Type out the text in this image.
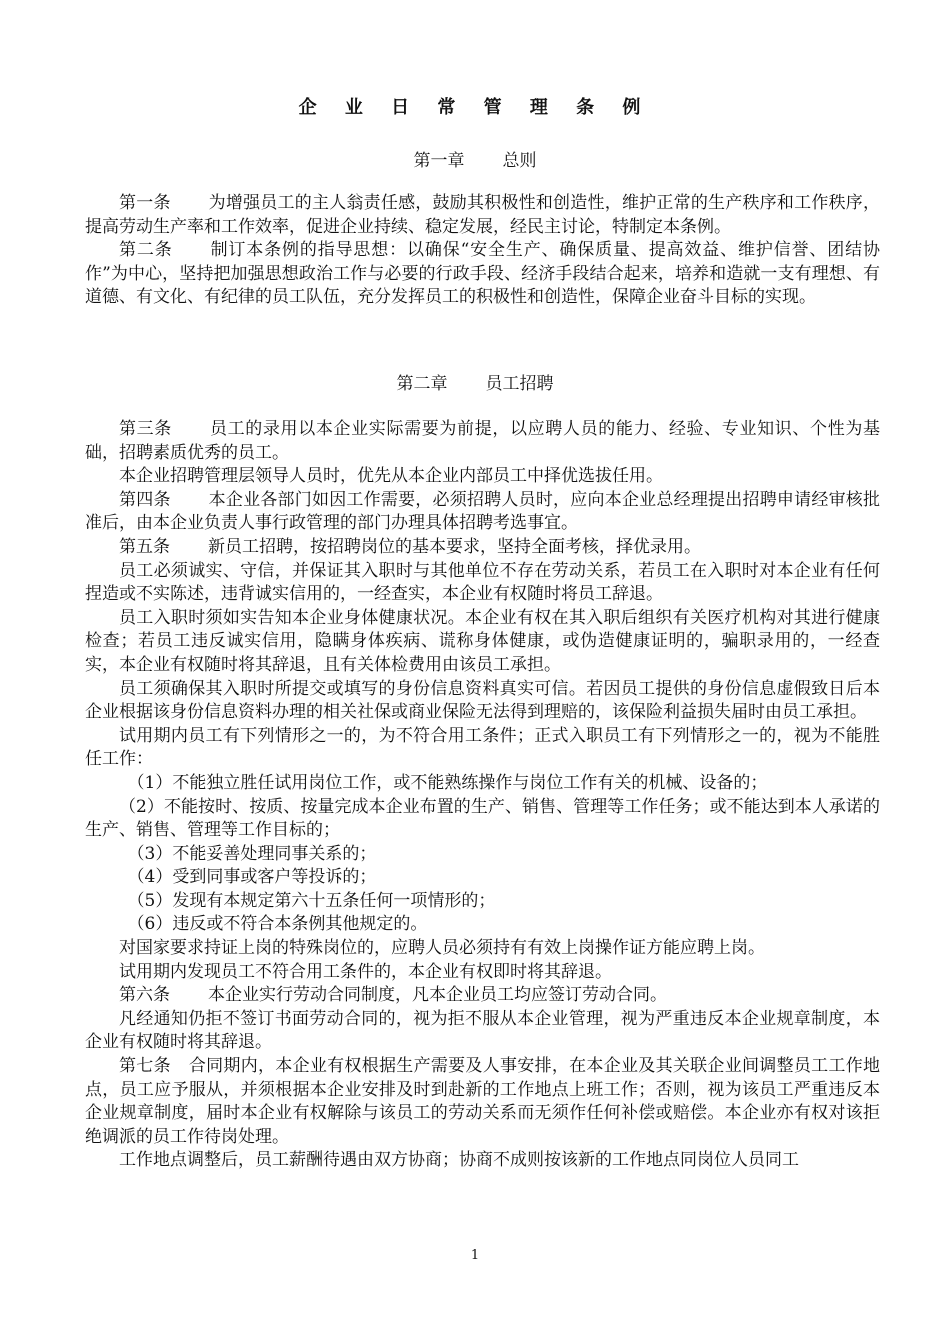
企 业 日 常 管 理 条 例
第一章 总则

第一条 为增强员工的主人翁责任感，鼓励其积极性和创造性，维护正常的生产秩序和工作秩序，提高劳动生产率和工作效率，促进企业持续、稳定发展，经民主讨论，特制定本条例。

第二条 制订本条例的指导思想：以确保“安全生产、确保质量、提高效益、维护信誉、团结协作”为中心，坚持把加强思想政治工作与必要的行政手段、经济手段结合起来，培养和造就一支有理想、有道德、有文化、有纪律的员工队伍，充分发挥员工的积极性和创造性，保障企业奋斗目标的实现。

第二章 员工招聘

第三条 员工的录用以本企业实际需要为前提，以应聘人员的能力、经验、专业知识、个性为基础，招聘素质优秀的员工。

本企业招聘管理层领导人员时，优先从本企业内部员工中择优选拔任用。

第四条 本企业各部门如因工作需要，必须招聘人员时，应向本企业总经理提出招聘申请经审核批准后，由本企业负责人事行政管理的部门办理具体招聘考选事宜。

第五条 新员工招聘，按招聘岗位的基本要求，坚持全面考核，择优录用。

员工必须诚实、守信，并保证其入职时与其他单位不存在劳动关系，若员工在入职时对本企业有任何捏造或不实陈述，违背诚实信用的，一经查实，本企业有权随时将员工辞退。

员工入职时须如实告知本企业身体健康状况。本企业有权在其入职后组织有关医疗机构对其进行健康检查；若员工违反诚实信用，隐瞒身体疾病、谎称身体健康，或伪造健康证明的，骗职录用的，一经查实，本企业有权随时将其辞退，且有关体检费用由该员工承担。

员工须确保其入职时所提交或填写的身份信息资料真实可信。若因员工提供的身份信息虚假致日后本企业根据该身份信息资料办理的相关社保或商业保险无法得到理赔的，该保险利益损失届时由员工承担。

试用期内员工有下列情形之一的，为不符合用工条件；正式入职员工有下列情形之一的，视为不能胜任工作：

（1）不能独立胜任试用岗位工作，或不能熟练操作与岗位工作有关的机械、设备的；

（2）不能按时、按质、按量完成本企业布置的生产、销售、管理等工作任务；或不能达到本人承诺的生产、销售、管理等工作目标的；

（3）不能妥善处理同事关系的；

（4）受到同事或客户等投诉的；

（5）发现有本规定第六十五条任何一项情形的；

（6）违反或不符合本条例其他规定的。

对国家要求持证上岗的特殊岗位的，应聘人员必须持有有效上岗操作证方能应聘上岗。

试用期内发现员工不符合用工条件的，本企业有权即时将其辞退。

第六条 本企业实行劳动合同制度，凡本企业员工均应签订劳动合同。

凡经通知仍拒不签订书面劳动合同的，视为拒不服从本企业管理，视为严重违反本企业规章制度，本企业有权随时将其辞退。

第七条 合同期内，本企业有权根据生产需要及人事安排，在本企业及其关联企业间调整员工工作地点，员工应予服从，并须根据本企业安排及时到赴新的工作地点上班工作；否则，视为该员工严重违反本企业规章制度，届时本企业有权解除与该员工的劳动关系而无须作任何补偿或赔偿。本企业亦有权对该拒绝调派的员工作待岗处理。

工作地点调整后，员工薪酬待遇由双方协商；协商不成则按该新的工作地点同岗位人员同工

1
